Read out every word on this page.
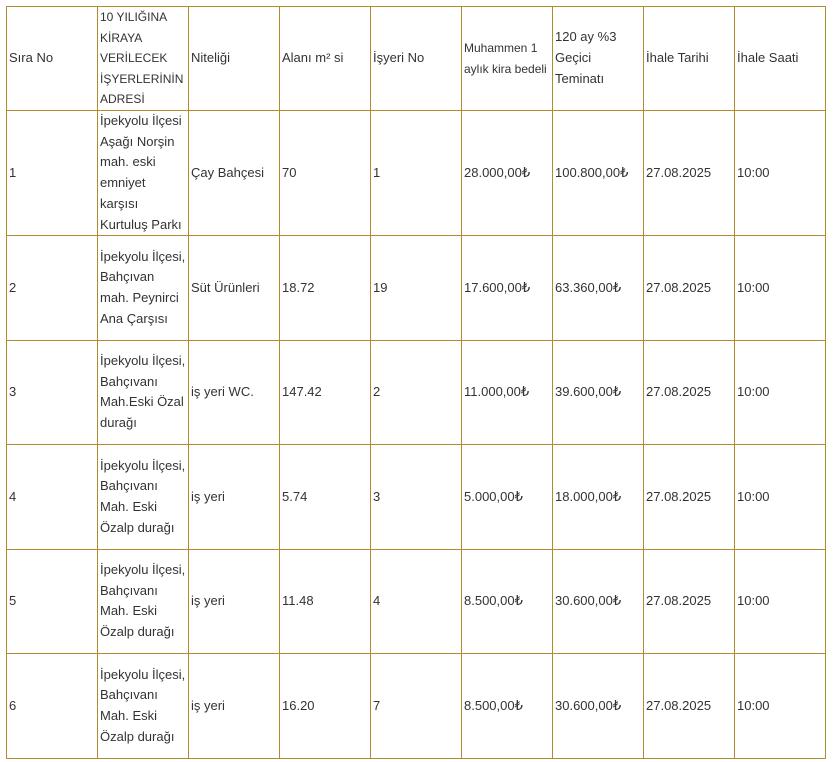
Sıra No	10 YILIĞINA KİRAYA VERİLECEK İŞYERLERİNİN ADRESİ	Niteliği	Alanı m² si	İşyeri No	Muhammen 1 aylık kira bedeli	120 ay %3 Geçici Teminatı	İhale Tarihi	İhale Saati
1	İpekyolu İlçesi Aşağı Norşin mah. eski emniyet karşısı Kurtuluş Parkı	Çay Bahçesi	70	1	28.000,00₺	100.800,00₺	27.08.2025	10:00
2	İpekyolu İlçesi, Bahçıvan mah. Peynirci Ana Çarşısı	Süt Ürünleri	18.72	19	17.600,00₺	63.360,00₺	27.08.2025	10:00
3	İpekyolu İlçesi, Bahçıvanı Mah.Eski Özal durağı	iş yeri WC.	147.42	2	11.000,00₺	39.600,00₺	27.08.2025	10:00
4	İpekyolu İlçesi, Bahçıvanı Mah. Eski Özalp durağı	iş yeri	5.74	3	5.000,00₺	18.000,00₺	27.08.2025	10:00
5	İpekyolu İlçesi, Bahçıvanı Mah. Eski Özalp durağı	iş yeri	11.48	4	8.500,00₺	30.600,00₺	27.08.2025	10:00
6	İpekyolu İlçesi, Bahçıvanı Mah. Eski Özalp durağı	iş yeri	16.20	7	8.500,00₺	30.600,00₺	27.08.2025	10:00
